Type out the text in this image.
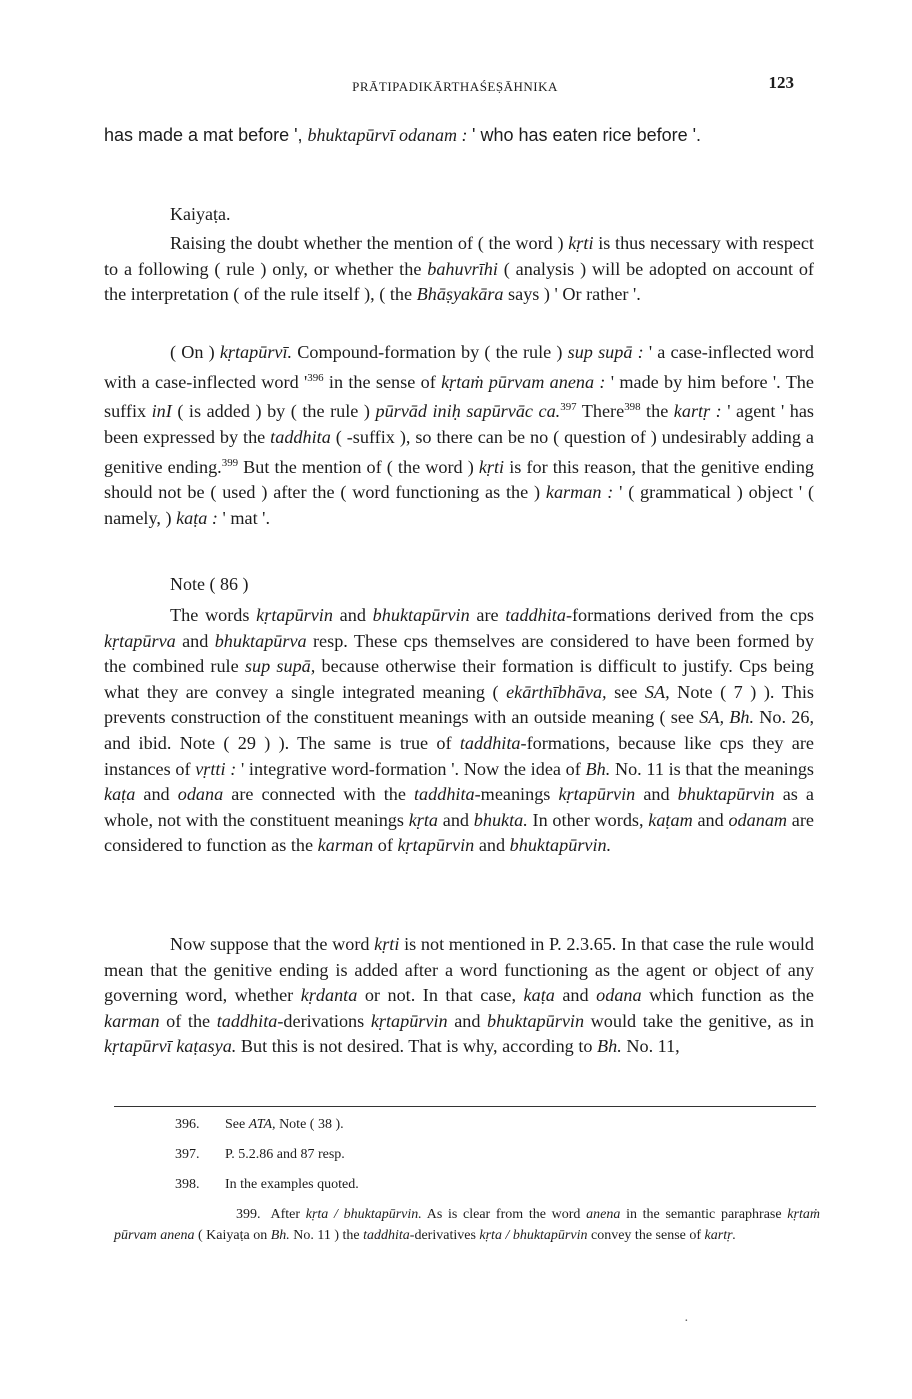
PRĀTIPADIKĀRTHAŚEṢĀHNIKA	123

has made a mat before ', bhuktapūrvī odanam : ' who has eaten rice before '.

Kaiyaṭa.

Raising the doubt whether the mention of ( the word ) kṛti is thus necessary with respect to a following ( rule ) only, or whether the bahuvrīhi ( analysis ) will be adopted on account of the interpretation ( of the rule itself ), ( the Bhāṣyakāra says ) ' Or rather '.

( On ) kṛtapūrvī. Compound-formation by ( the rule ) sup supā : ' a case-inflected word with a case-inflected word '$^{396}$ in the sense of kṛtaṁ pūrvam anena : ' made by him before '. The suffix inI ( is added ) by ( the rule ) pūrvād iniḥ sapūrvāc ca.$^{397}$ There$^{398}$ the kartṛ : ' agent ' has been expressed by the taddhita ( -suffix ), so there can be no ( question of ) undesirably adding a genitive ending.$^{399}$ But the mention of ( the word ) kṛti is for this reason, that the genitive ending should not be ( used ) after the ( word functioning as the ) karman : ' ( grammatical ) object ' ( namely, ) kaṭa : ' mat '.

Note ( 86 )

The words kṛtapūrvin and bhuktapūrvin are taddhita-formations derived from the cps kṛtapūrva and bhuktapūrva resp. These cps themselves are considered to have been formed by the combined rule sup supā, because otherwise their formation is difficult to justify. Cps being what they are convey a single integrated meaning ( ekārthībhāva, see SA, Note ( 7 ) ). This prevents construction of the constituent meanings with an outside meaning ( see SA, Bh. No. 26, and ibid. Note ( 29 ) ). The same is true of taddhita-formations, because like cps they are instances of vṛtti : ' integrative word-formation '. Now the idea of Bh. No. 11 is that the meanings kaṭa and odana are connected with the taddhita-meanings kṛtapūrvin and bhuktapūrvin as a whole, not with the constituent meanings kṛta and bhukta. In other words, kaṭam and odanam are considered to function as the karman of kṛtapūrvin and bhuktapūrvin.

Now suppose that the word kṛti is not mentioned in P. 2.3.65. In that case the rule would mean that the genitive ending is added after a word functioning as the agent or object of any governing word, whether kṛdanta or not. In that case, kaṭa and odana which function as the karman of the taddhita-derivations kṛtapūrvin and bhuktapūrvin would take the genitive, as in kṛtapūrvī kaṭasya. But this is not desired. That is why, according to Bh. No. 11,

396. See ATA, Note ( 38 ).

397. P. 5.2.86 and 87 resp.

398. In the examples quoted.

399. After kṛta / bhuktapūrvin. As is clear from the word anena in the semantic paraphrase kṛtaṁ pūrvam anena ( Kaiyaṭa on Bh. No. 11 ) the taddhita-derivatives kṛta / bhuktapūrvin convey the sense of kartṛ.

·
